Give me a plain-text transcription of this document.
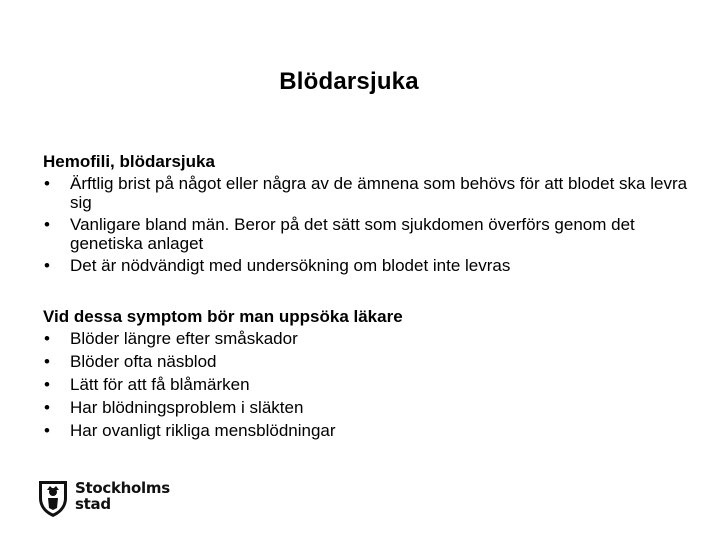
Blödarsjuka
Hemofili, blödarsjuka
• Ärftlig brist på något eller några av de ämnena som behövs för att blodet ska levra sig
• Vanligare bland män. Beror på det sätt som sjukdomen överförs genom det genetiska anlaget
• Det är nödvändigt med undersökning om blodet inte levras
Vid dessa symptom bör man uppsöka läkare
• Blöder längre efter småskador
• Blöder ofta näsblod
• Lätt för att få blåmärken
• Har blödningsproblem i släkten
• Har ovanligt rikliga mensblödningar
Stockholms
stad
